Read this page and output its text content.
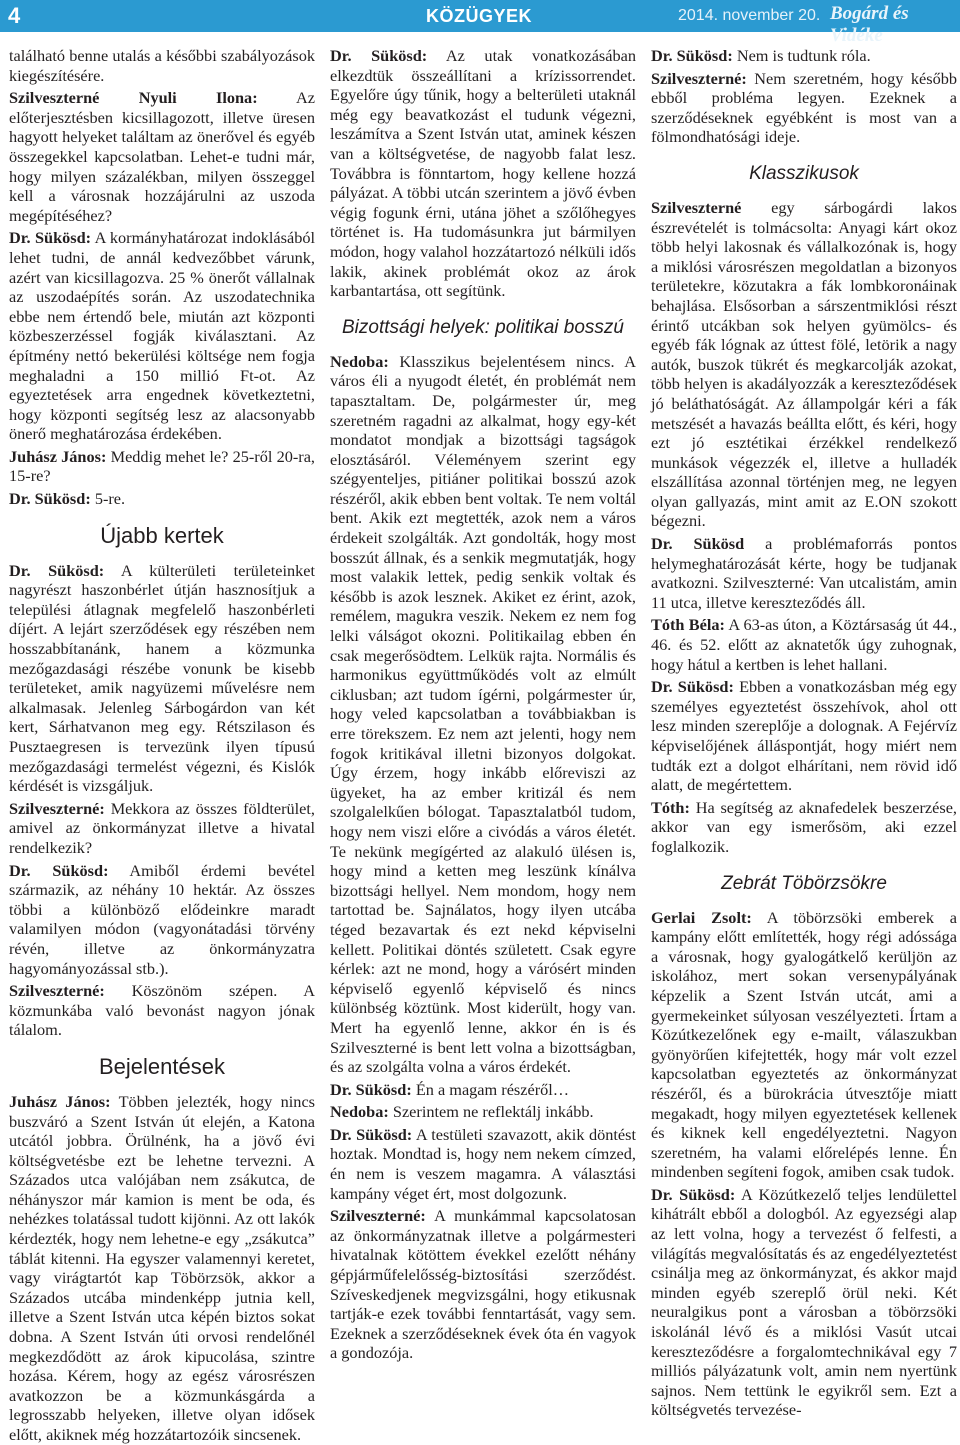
4	KÖZÜGYEK	2014. november 20. Bogárd és Vidéke

található benne utalás a későbbi szabályozások kiegészítésére.

Szilveszterné Nyuli Ilona: Az előterjesztésben kicsillagozott, illetve üresen hagyott helyeket találtam az önerővel és egyéb összegekkel kapcsolatban. Lehet-e tudni már, hogy milyen százalékban, milyen összeggel kell a városnak hozzájárulni az uszoda megépítéséhez?

Dr. Sükösd: A kormányhatározat indoklásából lehet tudni, de annál kedvezőbbet várunk, azért van kicsillagozva. 25 % önerőt vállalnak az uszodaépítés során. Az uszodatechnika ebbe nem értendő bele, miután azt központi közbeszerzéssel fogják kiválasztani. Az építmény nettó bekerülési költsége nem fogja meghaladni a 150 millió Ft-ot. Az egyeztetések arra engednek következtetni, hogy központi segítség lesz az alacsonyabb önerő meghatározása érdekében.

Juhász János: Meddig mehet le? 25-ről 20-ra, 15-re?

Dr. Sükösd: 5-re.

Újabb kertek

Dr. Sükösd: A külterületi területeinket nagyrészt haszonbérlet útján hasznosítjuk a települési átlagnak megfelelő haszonbérleti díjért. A lejárt szerződések egy részében nem hosszabbítanánk, hanem a közmunka mezőgazdasági részébe vonunk be kisebb területeket, amik nagyüzemi művelésre nem alkalmasak. Jelenleg Sárbogárdon van két kert, Sárhatvanon meg egy. Rétszilason és Pusztaegresen is tervezünk ilyen típusú mezőgazdasági termelést végezni, és Kislók kérdését is vizsgáljuk.

Szilveszterné: Mekkora az összes földterület, amivel az önkormányzat illetve a hivatal rendelkezik?

Dr. Sükösd: Amiből érdemi bevétel származik, az néhány 10 hektár. Az összes többi a különböző elődeinkre maradt valamilyen módon (vagyonátadási törvény révén, illetve az önkormányzatra hagyományozással stb.).

Szilveszterné: Köszönöm szépen. A közmunkába való bevonást nagyon jónak tálalom.

Bejelentések

Juhász János: Többen jelezték, hogy nincs buszváró a Szent István út elején, a Katona utcától jobbra. Örülnénk, ha a jövő évi költségvetésbe ezt be lehetne tervezni. A Százados utca valójában nem zsákutca, de néhányszor már kamion is ment be oda, és nehézkes tolatással tudott kijönni. Az ott lakók kérdezték, hogy nem lehetne-e egy „zsákutca” táblát kitenni. Ha egyszer valamennyi keretet, vagy virágtartót kap Töbörzsök, akkor a Százados utcába mindenképp jutnia kell, illetve a Szent István utca képén biztos sokat dobna. A Szent István úti orvosi rendelőnél megkezdődött az árok kipucolása, szintre hozása. Kérem, hogy az egész városrészen avatkozzon be a közmunkásgárda a legrosszabb helyeken, illetve olyan idősek előtt, akiknek még hozzátartozóik sincsenek.

Dr. Sükösd: Az utak vonatkozásában elkezdtük összeállítani a krízissorrendet. Egyelőre úgy tűnik, hogy a belterületi utaknál még egy beavatkozást el tudunk végezni, leszámítva a Szent István utat, aminek készen van a költségvetése, de nagyobb falat lesz. Továbbra is fönntartom, hogy kellene hozzá pályázat. A többi utcán szerintem a jövő évben végig fogunk érni, utána jöhet a szőlőhegyes történet is. Ha tudomásunkra jut bármilyen módon, hogy valahol hozzátartozó nélküli idős lakik, akinek problémát okoz az árok karbantartása, ott segítünk.

Bizottsági helyek: politikai bosszú

Nedoba: Klasszikus bejelentésem nincs. A város éli a nyugodt életét, én problémát nem tapasztaltam. De, polgármester úr, meg szeretném ragadni az alkalmat, hogy egy-két mondatot mondjak a bizottsági tagságok elosztásáról. Véleményem szerint egy szégyenteljes, pitiáner politikai bosszú azok részéről, akik ebben bent voltak. Te nem voltál bent. Akik ezt megtették, azok nem a város érdekeit szolgálták. Azt gondolták, hogy most bosszút állnak, és a senkik megmutatják, hogy most valakik lettek, pedig senkik voltak és később is azok lesznek. Akiket ez érint, azok, remélem, magukra veszik. Nekem ez nem fog lelki válságot okozni. Politikailag ebben én csak megerősödtem. Lelkük rajta. Normális és harmonikus együttműködés volt az elmúlt ciklusban; azt tudom ígérni, polgármester úr, hogy veled kapcsolatban a továbbiakban is erre törekszem. Ez nem azt jelenti, hogy nem fogok kritikával illetni bizonyos dolgokat. Úgy érzem, hogy inkább előreviszi az ügyeket, ha az ember kritizál és nem szolgalelkűen bólogat. Tapasztalatból tudom, hogy nem viszi előre a civódás a város életét. Te nekünk megígérted az alakuló ülésen is, hogy mind a ketten meg leszünk kínálva bizottsági hellyel. Nem mondom, hogy nem tartottad be. Sajnálatos, hogy ilyen utcába téged bezavartak és ezt nekd képviselni kellett. Politikai döntés született. Csak egyre kérlek: azt ne mond, hogy a várósért minden képviselő egyenlő képviselő és nincs különbség köztünk. Most kiderült, hogy van. Mert ha egyenlő lenne, akkor én is és Szilveszterné is bent lett volna a bizottságban, és az szolgálta volna a város érdekét.

Dr. Sükösd: Én a magam részéről…

Nedoba: Szerintem ne reflektálj inkább.

Dr. Sükösd: A testületi szavazott, akik döntést hoztak. Mondtad is, hogy nem nekem címzed, én nem is veszem magamra. A választási kampány véget ért, most dolgozunk.

Szilveszterné: A munkámmal kapcsolatosan az önkormányzatnak illetve a polgármesteri hivatalnak kötöttem évekkel ezelőtt néhány gépjárműfelelősség-biztosítási szerződést. Szíveskedjenek megvizsgálni, hogy etikusnak tartják-e ezek további fenntartását, vagy sem. Ezeknek a szerződéseknek évek óta én vagyok a gondozója.

Dr. Sükösd: Nem is tudtunk róla.

Szilveszterné: Nem szeretném, hogy később ebből probléma legyen. Ezeknek a szerződéseknek egyébként is most van a fölmondhatósági ideje.

Klasszikusok

Szilveszterné egy sárbogárdi lakos észrevételét is tolmácsolta: Anyagi kárt okoz több helyi lakosnak és vállalkozónak is, hogy a miklósi városrészen megoldatlan a bizonyos területekre, közutakra a fák lombkoronáinak behajlása. Elsősorban a sárszentmiklósi részt érintő utcákban sok helyen gyümölcs- és egyéb fák lógnak az úttest fölé, letörik a nagy autók, buszok tükrét és megkarcolják azokat, több helyen is akadályozzák a kereszteződések jó beláthatóságát. Az állampolgár kéri a fák metszését a havazás beállta előtt, és kéri, hogy ezt jó esztétikai érzékkel rendelkező munkások végezzék el, illetve a hulladék elszállítása azonnal történjen meg, ne legyen olyan gallyazás, mint amit az E.ON szokott bégezni.

Dr. Sükösd a problémaforrás pontos helymeghatározását kérte, hogy be tudjanak avatkozni. Szilveszterné: Van utcalistám, amin 11 utca, illetve kereszteződés áll.

Tóth Béla: A 63-as úton, a Köztársaság út 44., 46. és 52. előtt az aknatetők úgy zuhognak, hogy hátul a kertben is lehet hallani.

Dr. Sükösd: Ebben a vonatkozásban még egy személyes egyeztetést összehívok, ahol ott lesz minden szereplője a dolognak. A Fejérvíz képviselőjének álláspontját, hogy miért nem tudták ezt a dolgot elhárítani, nem rövid idő alatt, de megértettem.

Tóth: Ha segítség az aknafedelek beszerzése, akkor van egy ismerősöm, aki ezzel foglalkozik.

Zebrát Töbörzsökre

Gerlai Zsolt: A töbörzsöki emberek a kampány előtt említették, hogy régi adóssága a városnak, hogy gyalogátkelő kerüljön az iskolához, mert sokan versenypályának képzelik a Szent István utcát, ami a gyermekeinket súlyosan veszélyezteti. Írtam a Közútkezelőnek egy e-mailt, válaszukban gyönyörűen kifejtették, hogy már volt ezzel kapcsolatban egyeztetés az önkormányzat részéről, és a bürokrácia útvesztője miatt megakadt, hogy milyen egyeztetések kellenek és kiknek kell engedélyeztetni. Nagyon szeretném, ha valami előrelépés lenne. Én mindenben segíteni fogok, amiben csak tudok.

Dr. Sükösd: A Közútkezelő teljes lendülettel kihátrált ebből a dologból. Az egyezségi alap az lett volna, hogy a tervezést ő felfesti, a világítás megvalósítatás és az engedélyeztetést csinálja meg az önkormányzat, és akkor majd minden egyéb szereplő örül neki. Két neuralgikus pont a városban a töbörzsöki iskolánál lévő és a miklósi Vasút utcai kereszteződésre a forgalomtechnikával egy 7 milliós pályázatunk volt, amin nem nyertünk sajnos. Nem tettünk le egyikről sem. Ezt a költségvetés tervezése-
